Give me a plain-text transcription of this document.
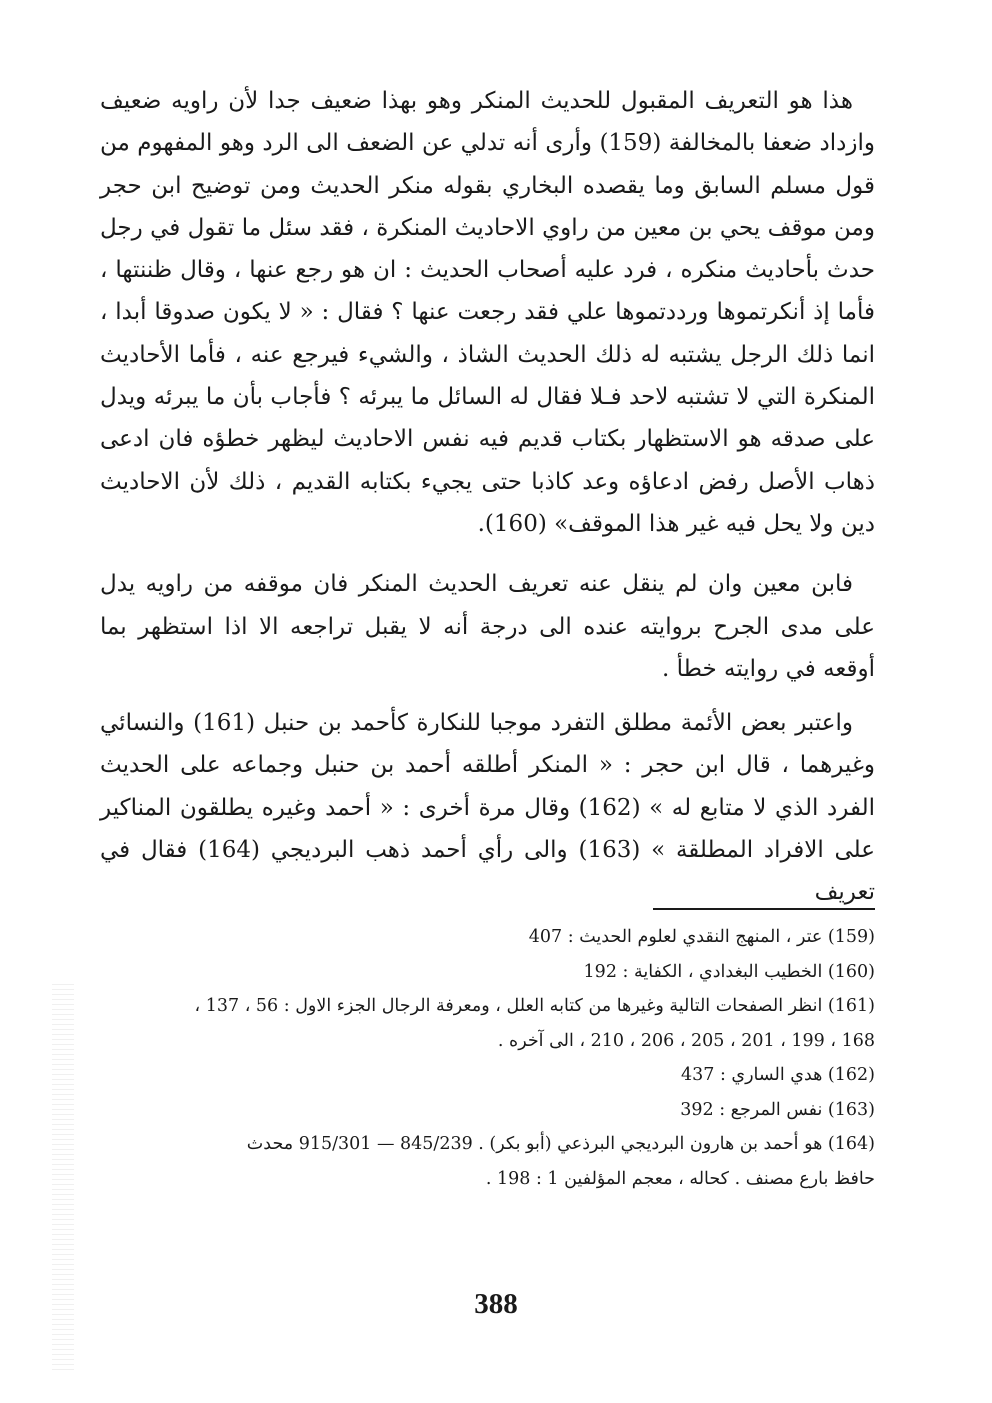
هذا هو التعريف المقبول للحديث المنكر وهو بهذا ضعيف جدا لأن راويه ضعيف وازداد ضعفا بالمخالفة (159) وأرى أنه تدلي عن الضعف الى الرد وهو المفهوم من قول مسلم السابق وما يقصده البخاري بقوله منكر الحديث ومن توضيح ابن حجر ومن موقف يحي بن معين من راوي الاحاديث المنكرة ، فقد سئل ما تقول في رجل حدث بأحاديث منكره ، فرد عليه أصحاب الحديث : ان هو رجع عنها ، وقال ظننتها ، فأما إذ أنكرتموها ورددتموها علي فقد رجعت عنها ؟ فقال : « لا يكون صدوقا أبدا ، انما ذلك الرجل يشتبه له ذلك الحديث الشاذ ، والشيء فيرجع عنه ، فأما الأحاديث المنكرة التي لا تشتبه لاحد فـلا فقال له السائل ما يبرئه ؟ فأجاب بأن ما يبرئه ويدل على صدقه هو الاستظهار بكتاب قديم فيه نفس الاحاديث ليظهر خطؤه فان ادعى ذهاب الأصل رفض ادعاؤه وعد كاذبا حتى يجيء بكتابه القديم ، ذلك لأن الاحاديث دين ولا يحل فيه غير هذا الموقف» (160).

فابن معين وان لم ينقل عنه تعريف الحديث المنكر فان موقفه من راويه يدل على مدى الجرح بروايته عنده الى درجة أنه لا يقبل تراجعه الا اذا استظهر بما أوقعه في روايته خطأ .

واعتبر بعض الأئمة مطلق التفرد موجبا للنكارة كأحمد بن حنبل (161) والنسائي وغيرهما ، قال ابن حجر : « المنكر أطلقه أحمد بن حنبل وجماعه على الحديث الفرد الذي لا متابع له » (162) وقال مرة أخرى : « أحمد وغيره يطلقون المناكير على الافراد المطلقة » (163) والى رأي أحمد ذهب البرديجي (164) فقال في تعريف

(159) عتر ، المنهج النقدي لعلوم الحديث : 407

(160) الخطيب البغدادي ، الكفاية : 192

(161) انظر الصفحات التالية وغيرها من كتابه العلل ، ومعرفة الرجال الجزء الاول : 56 ، 137 ،
168 ، 199 ، 201 ، 205 ، 206 ، 210 ، الى آخره .

(162) هدي الساري : 437

(163) نفس المرجع : 392

(164) هو أحمد بن هارون البرديجي البرذعي (أبو بكر) . 845/239 — 915/301 محدث
حافظ بارع مصنف . كحاله ، معجم المؤلفين 1 : 198 .

388
